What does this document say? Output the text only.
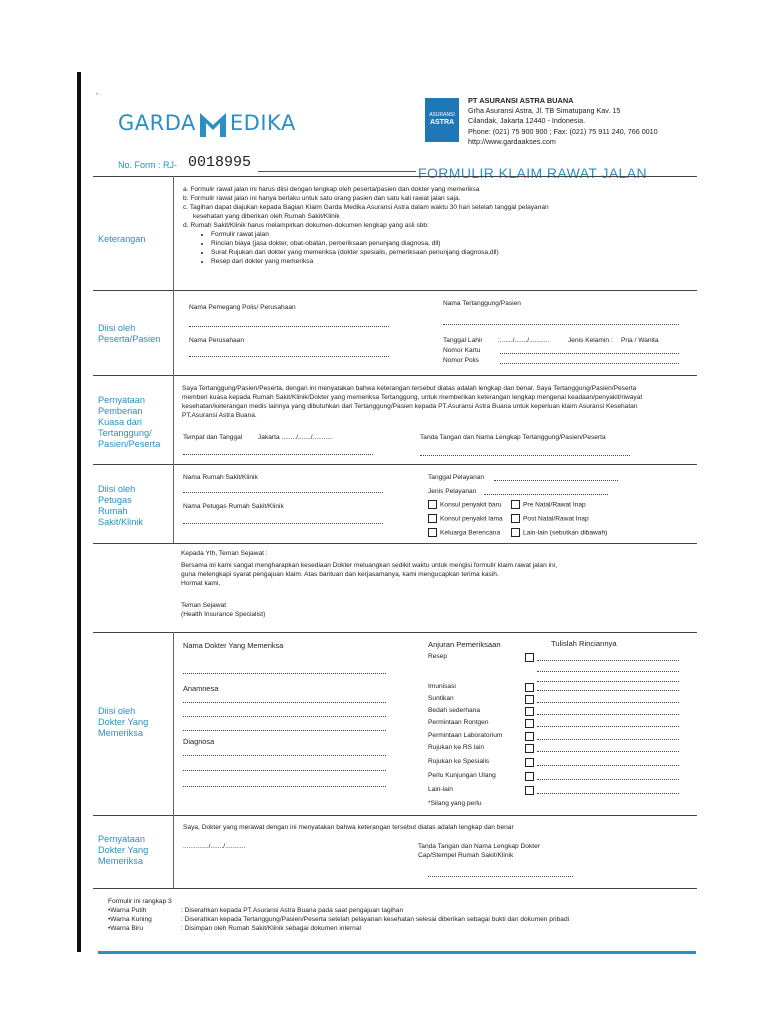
• ·
GARDA EDIKA	ASURANSI
ASTRA
PT ASURANSI ASTRA BUANA
Grha Asuransi Astra, Jl. TB Simatupang Kav. 15
Cilandak, Jakarta 12440 - Indonesia.
Phone: (021) 75 900 900 ; Fax: (021) 75 911 240, 766 0010
http://www.gardaakses.com
No. Form : RJ- 0018995
FORMULIR KLAIM RAWAT JALAN
Keterangan
a. Formulir rawat jalan ini harus diisi dengan lengkap oleh peserta/pasien dan dokter yang memeriksa
b. Formulir rawat jalan ini hanya berlaku untuk satu orang pasien dan satu kali rawat jalan saja.
c. Tagihan dapat diajukan kepada Bagian Klaim Garda Medika Asuransi Astra dalam waktu 30 hari setelah tanggal pelayanan
kesehatan yang diberikan oleh Rumah Sakit/Klinik
d. Rumah Sakit/Klinik harus melampirkan dokumen-dokumen lengkap yang asli sbb:
• Formulir rawat jalan
• Rincian biaya (jasa dokter, obat-obatan, pemeriksaan penunjang diagnosa, dll)
• Surat Rujukan dari dokter yang memeriksa (dokter spesialis, pemeriksaan penunjang diagnosa,dll)
• Resep dari dokter yang memeriksa
Diisi oleh
Peserta/Pasien
Nama Pemegang Polis/ Perusahaan
Nama Perusahaan
Nama Tertanggung/Pasien
Tanggal Lahir :......./......./...........	Jenis Kelamin : Pria / Wanita
Nomor Kartu
Nomor Polis
Pernyataan
Pemberian
Kuasa dari
Tertanggung/
Pasien/Peserta
Saya Tertanggung/Pasien/Peserta, dengan ini menyatakan bahwa keterangan tersebut diatas adalah lengkap dan benar. Saya Tertanggung/Pasien/Peserta
memberi kuasa kepada Rumah Sakit/Klinik/Dokter yang memeriksa Tertanggung, untuk memberikan keterangan lengkap mengenai keadaan/penyakit/riwayat
kesehatan/keterangan medis lainnya yang dibutuhkan dari Tertanggung/Pasien kepada PT.Asuransi Astra Buana untuk keperluan klaim Asuransi Kesehatan
PT.Asuransi Astra Buana.
Tempat dan Tanggal Jakarta ......../......./...........	Tanda Tangan dan Nama Lengkap Tertanggung/Pasien/Peserta
Diisi oleh
Petugas
Rumah
Sakit/Klinik
Nama Rumah Sakit/Klinik
Nama Petugas Rumah Sakit/Klinik
Tanggal Pelayanan
Jenis Pelayanan
Konsul penyakit baru	Pre Natal/Rawat Inap
Konsul penyakit lama	Post Natal/Rawat Inap
Keluarga Berencana	Lain-lain (sebutkan dibawah)
Kepada Yth, Teman Sejawat :
Bersama ini kami sangat mengharapkan kesediaan Dokter meluangkan sedikit waktu untuk mengisi formulir klaim rawat jalan ini,
guna melengkapi syarat pengajuan klaim. Atas bantuan dan kerjasamanya, kami mengucapkan terima kasih.
Hormat kami,
Teman Sejawat
(Health Insurance Specialist)
Diisi oleh
Dokter Yang
Memeriksa
Nama Dokter Yang Memeriksa
Anamnesa
Diagnosa
Anjuran Pemeriksaan	Tulislah Rinciannya
Resep
Imunisasi
Suntikan
Bedah sederhana
Permintaan Rontgen
Permintaan Laboratorium
Rujukan ke RS lain
Rujukan ke Spesialis
Perlu Kunjungan Ulang
Lain-lain
*Silang yang perlu
Pernyataan
Dokter Yang
Memeriksa
Saya, Dokter yang merawat dengan ini menyatakan bahwa keterangan tersebut diatas adalah lengkap dan benar
............../......./...........	Tanda Tangan dan Nama Lengkap Dokter
Cap/Stempel Rumah Sakit/Klinik
Formulir ini rangkap 3
•Warna Putih	: Diserahkan kepada PT.Asuransi Astra Buana pada saat pengajuan tagihan
•Warna Kuning	: Diserahkan kepada Tertanggung/Pasien/Peserta setelah pelayanan kesehatan selesai diberikan sebagai bukti dan dokumen pribadi
•Warna Biru	: Disimpan oleh Rumah Sakit/Klinik sebagai dokumen internal
